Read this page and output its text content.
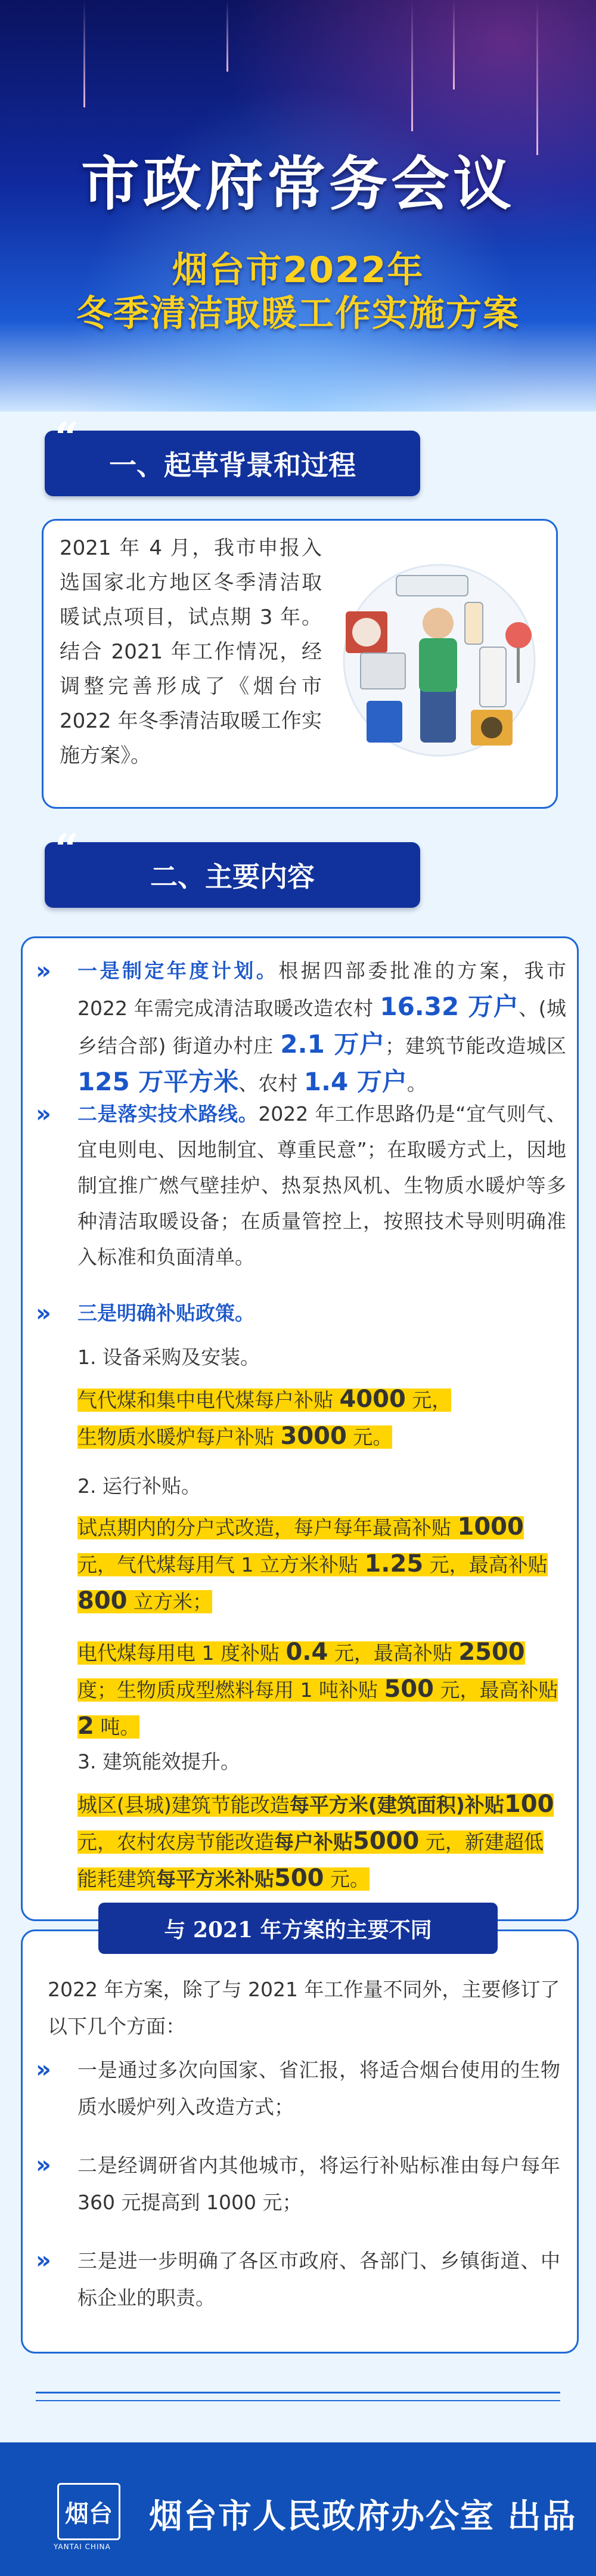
市政府常务会议
烟台市2022年
冬季清洁取暖工作实施方案
一、起草背景和过程
“
2021 年 4 月，我市申报入选国家北方地区冬季清洁取暖试点项目，试点期 3 年。结合 2021 年工作情况，经调整完善形成了《烟台市 2022 年冬季清洁取暖工作实施方案》。
二、主要内容
“
»	一是制定年度计划。根据四部委批准的方案，我市 2022 年需完成清洁取暖改造农村 16.32 万户、(城乡结合部) 街道办村庄 2.1 万户；建筑节能改造城区 125 万平方米、农村 1.4 万户。
»	二是落实技术路线。2022 年工作思路仍是“宜气则气、宜电则电、因地制宜、尊重民意”；在取暖方式上，因地制宜推广燃气壁挂炉、热泵热风机、生物质水暖炉等多种清洁取暖设备；在质量管控上，按照技术导则明确准入标准和负面清单。
»	三是明确补贴政策。
1. 设备采购及安装。
气代煤和集中电代煤每户补贴 4000 元，
生物质水暖炉每户补贴 3000 元。
2. 运行补贴。
试点期内的分户式改造，每户每年最高补贴 1000 元，气代煤每用气 1 立方米补贴 1.25 元，最高补贴 800 立方米；
电代煤每用电 1 度补贴 0.4 元，最高补贴 2500 度；生物质成型燃料每用 1 吨补贴 500 元，最高补贴 2 吨。
3. 建筑能效提升。
城区(县城)建筑节能改造每平方米(建筑面积)补贴100 元，农村农房节能改造每户补贴5000 元，新建超低能耗建筑每平方米补贴500 元。
与 2021 年方案的主要不同
2022 年方案，除了与 2021 年工作量不同外，主要修订了以下几个方面：
»	一是通过多次向国家、省汇报，将适合烟台使用的生物质水暖炉列入改造方式；
»	二是经调研省内其他城市，将运行补贴标准由每户每年 360 元提高到 1000 元；
»	三是进一步明确了各区市政府、各部门、乡镇街道、中标企业的职责。
烟台
YANTAI CHINA
烟台市人民政府办公室 出品
